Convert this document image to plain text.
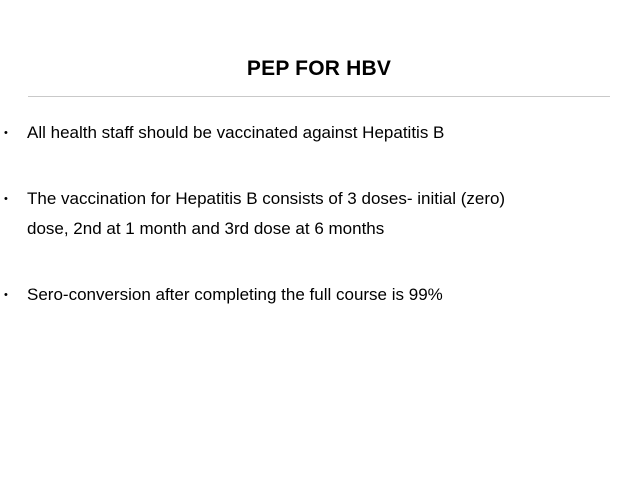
PEP FOR HBV
•	All health staff should be vaccinated against Hepatitis B
•	The vaccination for Hepatitis B consists of 3 doses- initial (zero)
dose, 2nd at 1 month and 3rd dose at 6 months
•	Sero-conversion after completing the full course is 99%
